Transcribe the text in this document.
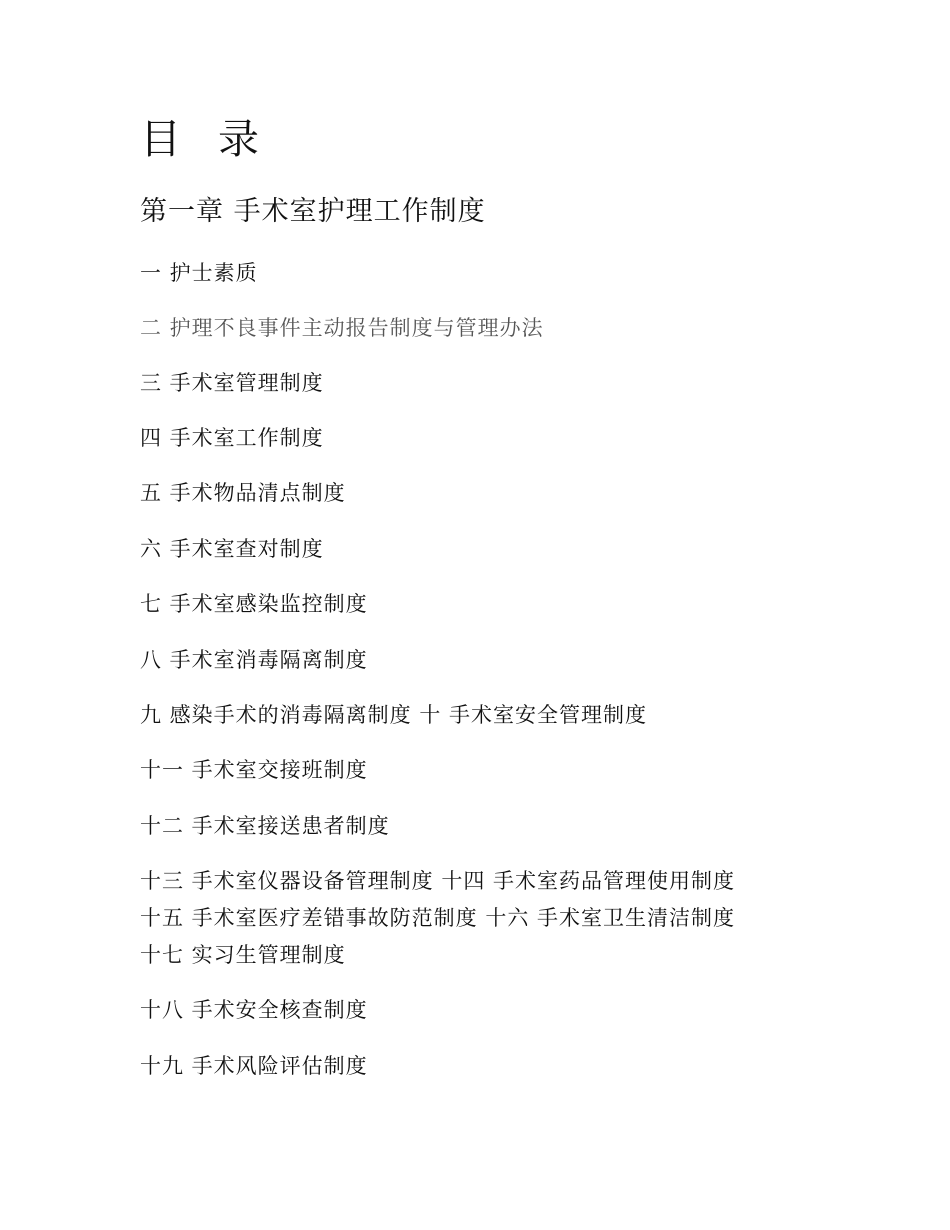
目 录
第一章 手术室护理工作制度
一 护士素质
二 护理不良事件主动报告制度与管理办法
三 手术室管理制度
四 手术室工作制度
五 手术物品清点制度
六 手术室查对制度
七 手术室感染监控制度
八 手术室消毒隔离制度
九 感染手术的消毒隔离制度 十 手术室安全管理制度
十一 手术室交接班制度
十二 手术室接送患者制度
十三 手术室仪器设备管理制度 十四 手术室药品管理使用制度
十五 手术室医疗差错事故防范制度 十六 手术室卫生清洁制度
十七 实习生管理制度
十八 手术安全核查制度
十九 手术风险评估制度
